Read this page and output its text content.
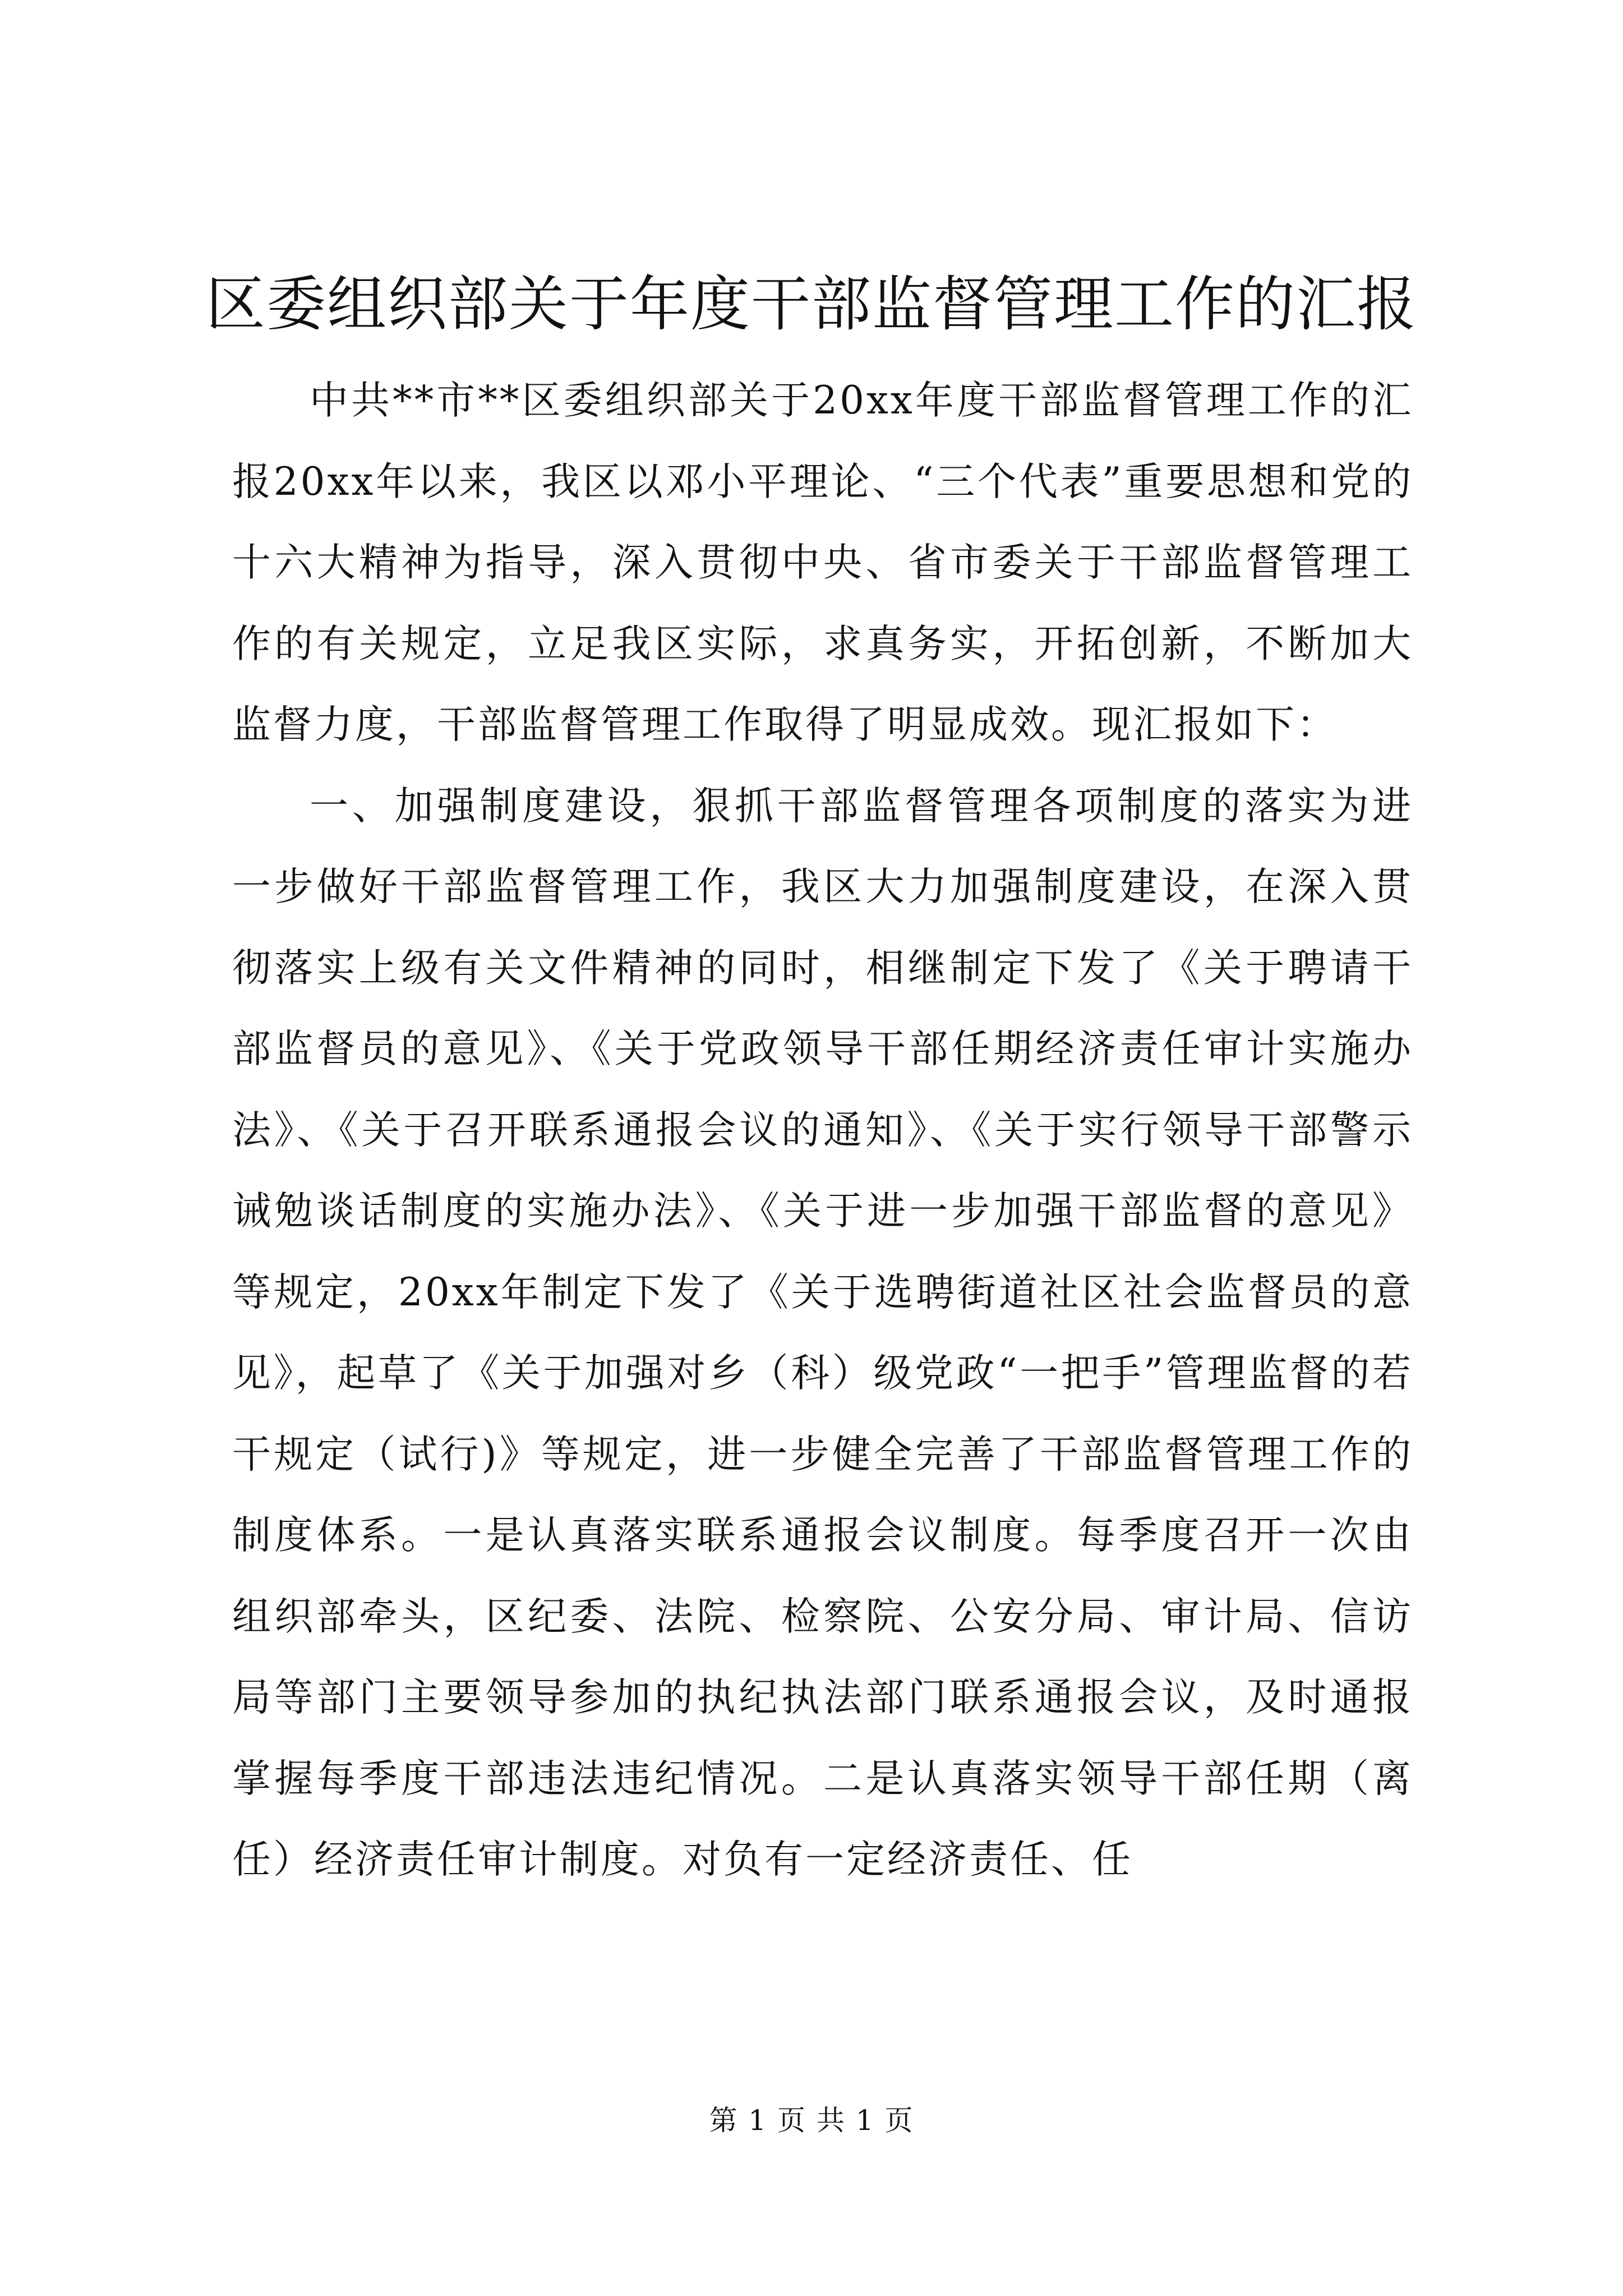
区委组织部关于年度干部监督管理工作的汇报

中共**市**区委组织部关于20xx年度干部监督管理工作的汇报20xx年以来，我区以邓小平理论、“三个代表”重要思想和党的十六大精神为指导，深入贯彻中央、省市委关于干部监督管理工作的有关规定，立足我区实际，求真务实，开拓创新，不断加大监督力度，干部监督管理工作取得了明显成效。现汇报如下：

一、加强制度建设，狠抓干部监督管理各项制度的落实为进一步做好干部监督管理工作，我区大力加强制度建设，在深入贯彻落实上级有关文件精神的同时，相继制定下发了《关于聘请干部监督员的意见》、《关于党政领导干部任期经济责任审计实施办法》、《关于召开联系通报会议的通知》、《关于实行领导干部警示诫勉谈话制度的实施办法》、《关于进一步加强干部监督的意见》等规定，20xx年制定下发了《关于选聘街道社区社会监督员的意见》，起草了《关于加强对乡（科）级党政“一把手”管理监督的若干规定（试行)》等规定，进一步健全完善了干部监督管理工作的制度体系。一是认真落实联系通报会议制度。每季度召开一次由组织部牵头，区纪委、法院、检察院、公安分局、审计局、信访局等部门主要领导参加的执纪执法部门联系通报会议，及时通报掌握每季度干部违法违纪情况。二是认真落实领导干部任期（离任）经济责任审计制度。对负有一定经济责任、任

第 1 页 共 1 页
